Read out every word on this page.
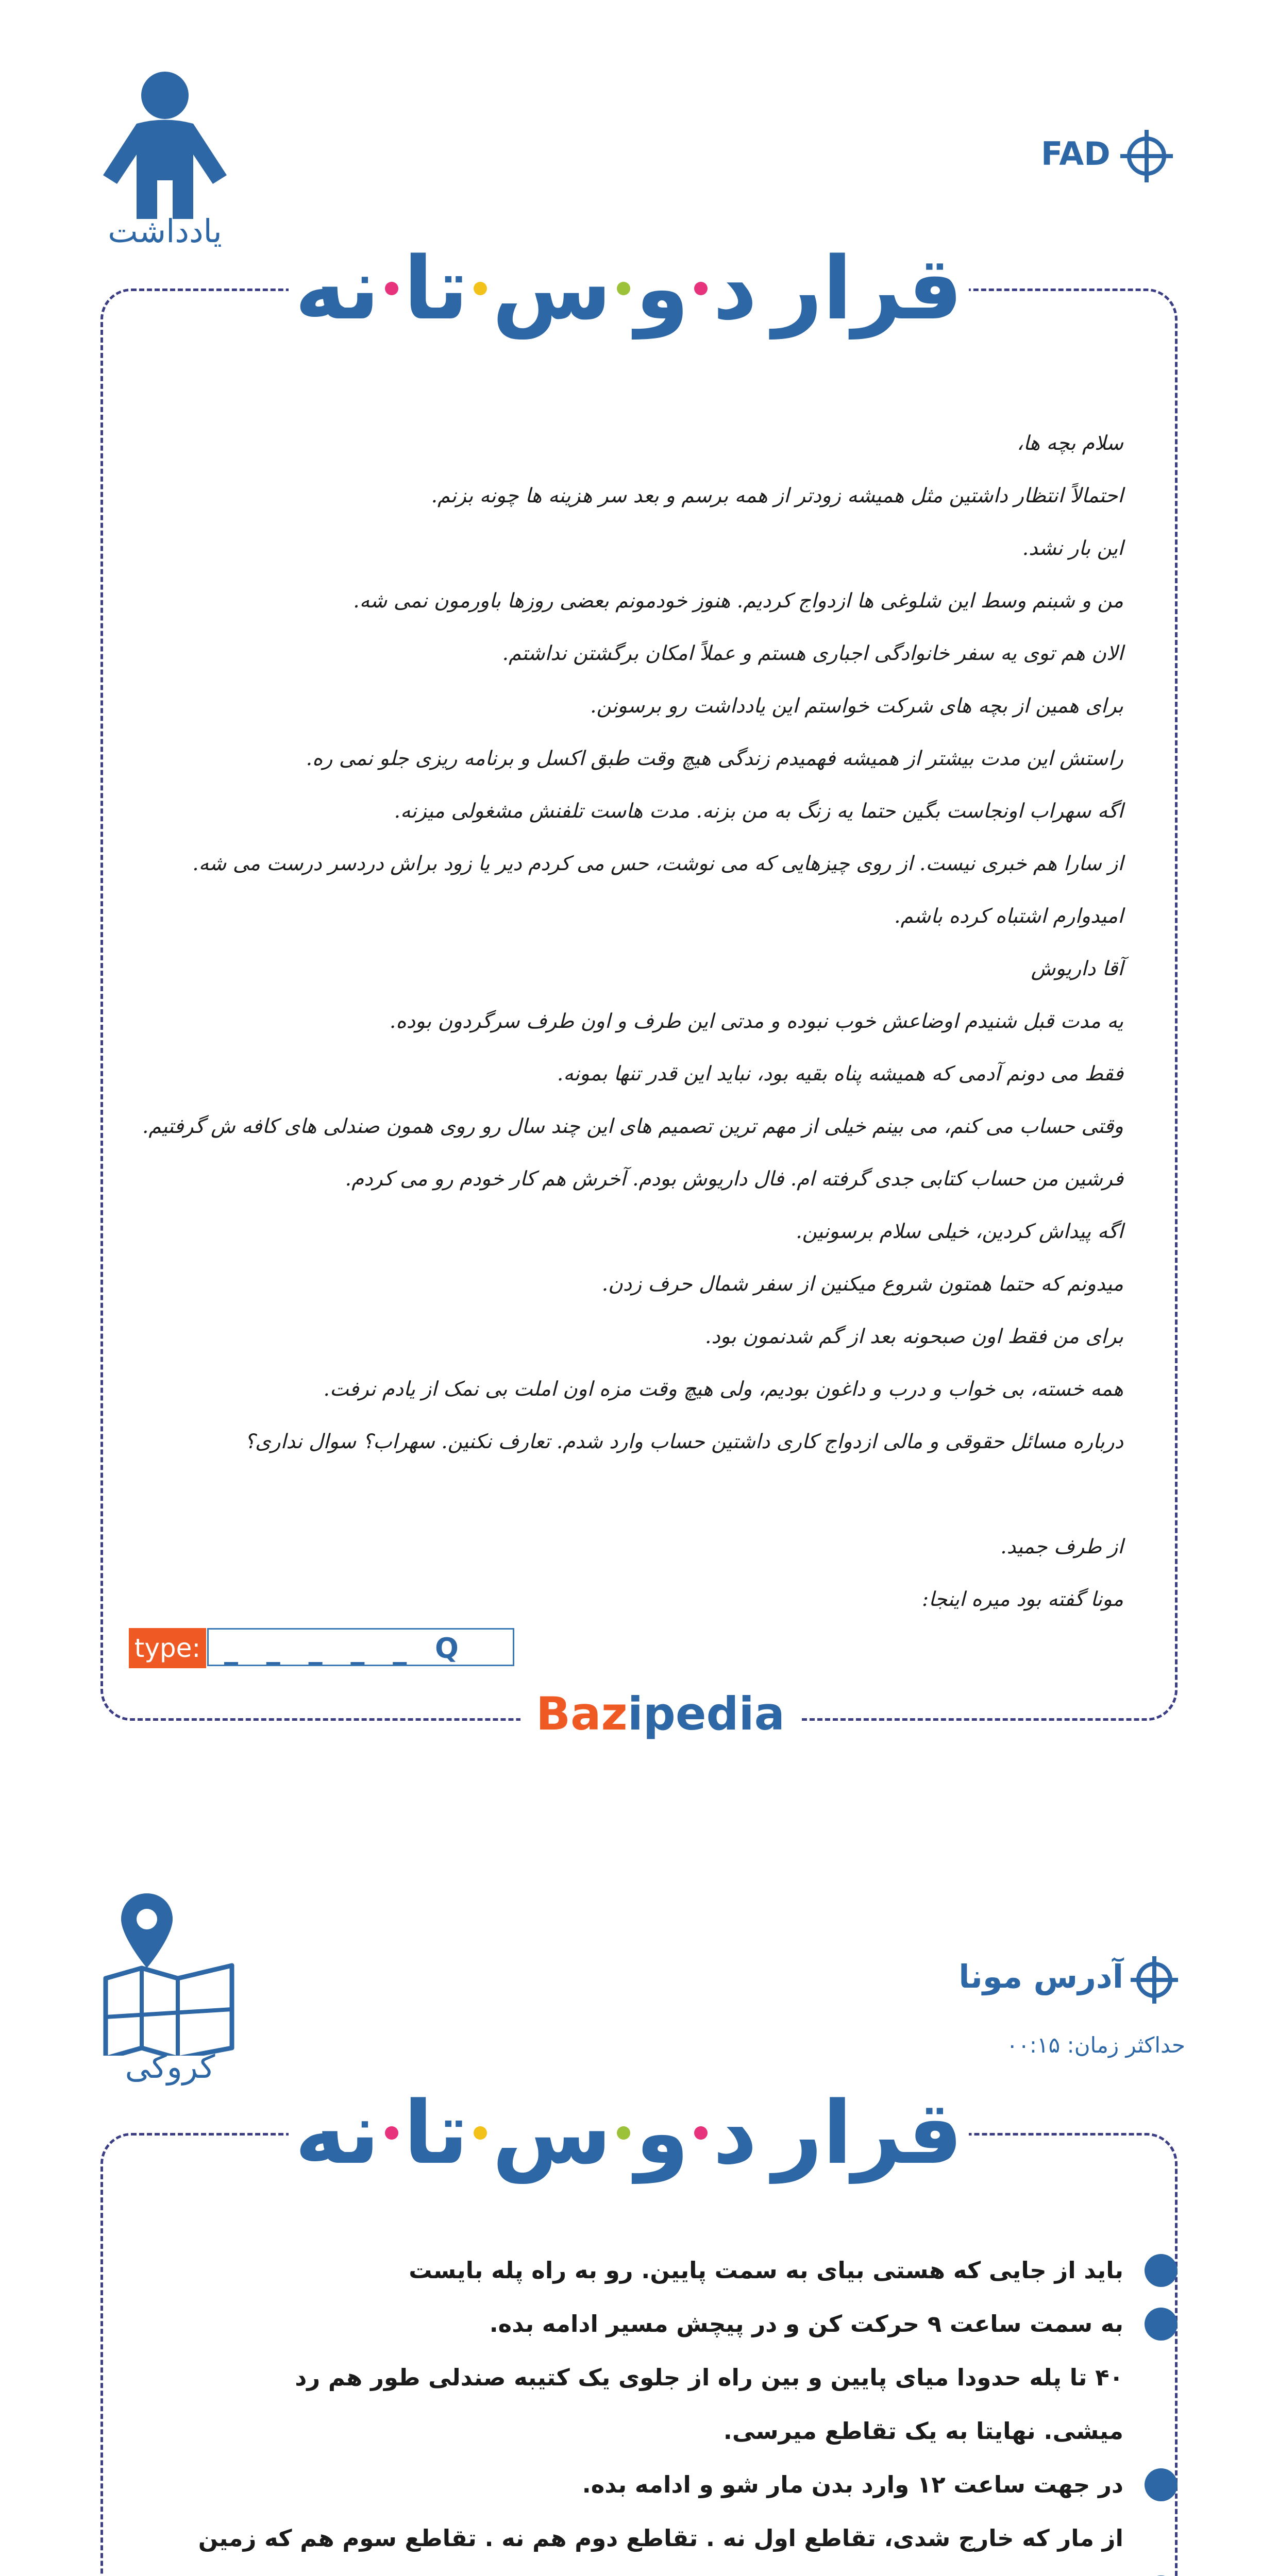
یادداشت
FAD
قرار
د
و
س
تا
نه
سلام بچه ها،
احتمالاً انتظار داشتین مثل همیشه زودتر از همه برسم و بعد سر هزینه ها چونه بزنم.
این بار نشد.
من و شبنم وسط این شلوغی ها ازدواج کردیم. هنوز خودمونم بعضی روزها باورمون نمی شه.
الان هم توی یه سفر خانوادگی اجباری هستم و عملاً امکان برگشتن نداشتم.
برای همین از بچه های شرکت خواستم این یادداشت رو برسونن.
راستش این مدت بیشتر از همیشه فهمیدم زندگی هیچ وقت طبق اکسل و برنامه ریزی جلو نمی ره.
اگه سهراب اونجاست بگین حتما یه زنگ به من بزنه. مدت هاست تلفنش مشغولی میزنه.
از سارا هم خبری نیست. از روی چیزهایی که می نوشت، حس می کردم دیر یا زود براش دردسر درست می شه.
امیدوارم اشتباه کرده باشم.
آقا داریوش
یه مدت قبل شنیدم اوضاعش خوب نبوده و مدتی این طرف و اون طرف سرگردون بوده.
فقط می دونم آدمی که همیشه پناه بقیه بود، نباید این قدر تنها بمونه.
وقتی حساب می کنم، می بینم خیلی از مهم ترین تصمیم های این چند سال رو روی همون صندلی های کافه ش گرفتیم.
فرشین من حساب کتابی جدی گرفته ام. فال داریوش بودم. آخرش هم کار خودم رو می کردم.
اگه پیداش کردین، خیلی سلام برسونین.
میدونم که حتما همتون شروع میکنین از سفر شمال حرف زدن.
برای من فقط اون صبحونه بعد از گم شدنمون بود.
همه خسته، بی خواب و درب و داغون بودیم، ولی هیچ وقت مزه اون املت بی نمک از یادم نرفت.
درباره مسائل حقوقی و مالی ازدواج کاری داشتین حساب وارد شدم. تعارف نکنین. سهراب؟ سوال نداری؟
از طرف جمید.
مونا گفته بود میره اینجا:
type: _ _ _ _ _ Q
Bazipedia
کروکی
آدرس مونا
حداکثر زمان: ۰۰:۱۵
قرار
د
و
س
تا
نه
باید از جایی که هستی بیای به سمت پایین. رو به راه پله بایست
به سمت ساعت ۹ حرکت کن و در پیچش مسیر ادامه بده.
۴۰ تا پله حدودا میای پایین و بین راه از جلوی یک کتیبه صندلی طور هم رد
میشی. نهایتا به یک تقاطع میرسی.
در جهت ساعت ۱۲ وارد بدن مار شو و ادامه بده.
از مار که خارج شدی، تقاطع اول نه . تقاطع دوم هم نه . تقاطع سوم هم که زمین
